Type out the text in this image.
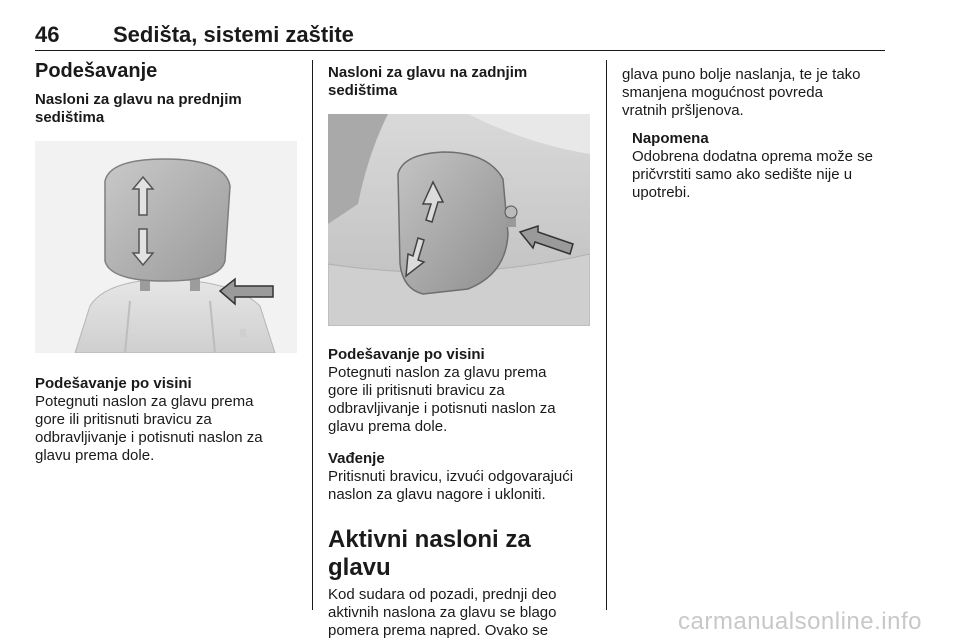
46 Sedišta, sistemi zaštite
Podešavanje
Nasloni za glavu na prednjim
sedištima
Podešavanje po visini
Potegnuti naslon za glavu prema
gore ili pritisnuti bravicu za
odbravljivanje i potisnuti naslon za
glavu prema dole.
Nasloni za glavu na zadnjim
sedištima
Podešavanje po visini
Potegnuti naslon za glavu prema
gore ili pritisnuti bravicu za
odbravljivanje i potisnuti naslon za
glavu prema dole.
Vađenje
Pritisnuti bravicu, izvući odgovarajući
naslon za glavu nagore i ukloniti.
Aktivni nasloni za glavu
Kod sudara od pozadi, prednji deo
aktivnih naslona za glavu se blago
pomera prema napred. Ovako se
glava puno bolje naslanja, te je tako
smanjena mogućnost povreda
vratnih pršljenova.
Napomena
Odobrena dodatna oprema može se
pričvrstiti samo ako sedište nije u
upotrebi.
carmanualsonline.info
